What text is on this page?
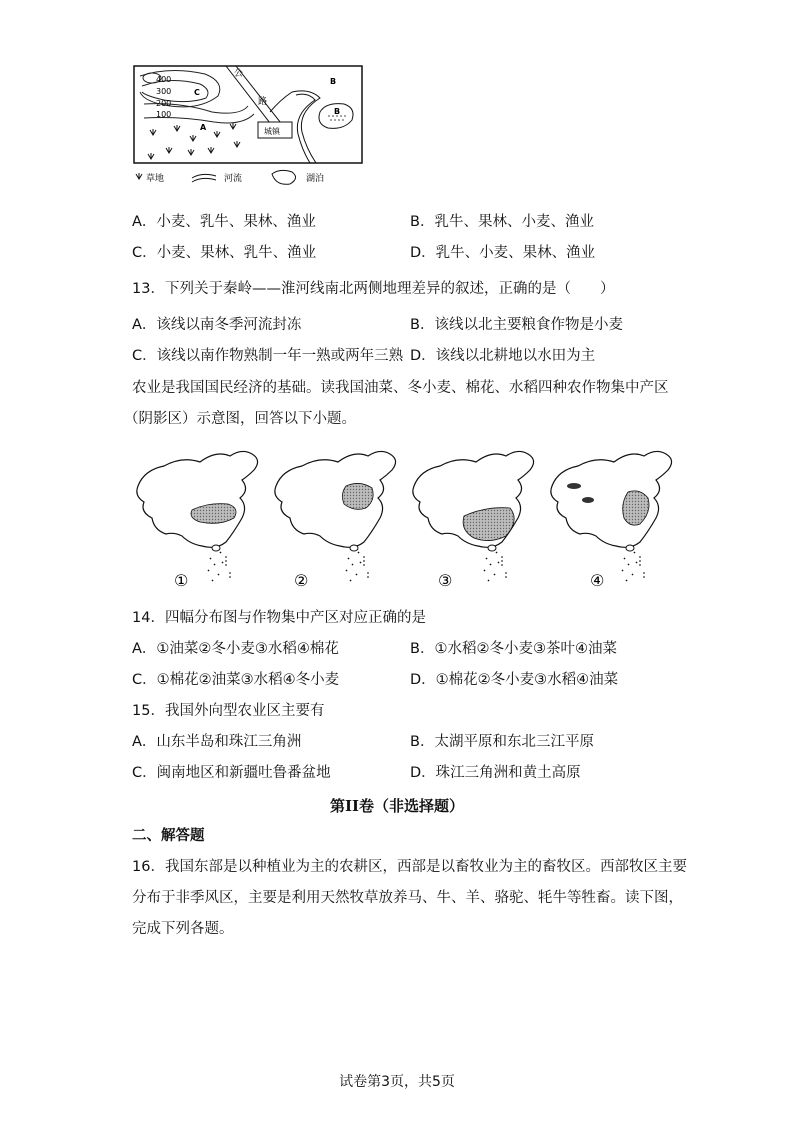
400
300
200
100
C
A
B
公
路
城镇
B
草地	河流	湖泊
A．小麦、乳牛、果林、渔业	B．乳牛、果林、小麦、渔业
C．小麦、果林、乳牛、渔业	D．乳牛、小麦、果林、渔业
13．下列关于秦岭——淮河线南北两侧地理差异的叙述，正确的是（　　）
A．该线以南冬季河流封冻	B．该线以北主要粮食作物是小麦
C．该线以南作物熟制一年一熟或两年三熟 D．该线以北耕地以水田为主
农业是我国国民经济的基础。读我国油菜、冬小麦、棉花、水稻四种农作物集中产区
（阴影区）示意图，回答以下小题。
①	②	③	④
14．四幅分布图与作物集中产区对应正确的是
A．①油菜②冬小麦③水稻④棉花	B．①水稻②冬小麦③茶叶④油菜
C．①棉花②油菜③水稻④冬小麦	D．①棉花②冬小麦③水稻④油菜
15．我国外向型农业区主要有
A．山东半岛和珠江三角洲	B．太湖平原和东北三江平原
C．闽南地区和新疆吐鲁番盆地	D．珠江三角洲和黄土高原
第II卷（非选择题）
二、解答题
16．我国东部是以种植业为主的农耕区，西部是以畜牧业为主的畜牧区。西部牧区主要
分布于非季风区，主要是利用天然牧草放养马、牛、羊、骆驼、牦牛等牲畜。读下图，
完成下列各题。
试卷第3页，共5页
